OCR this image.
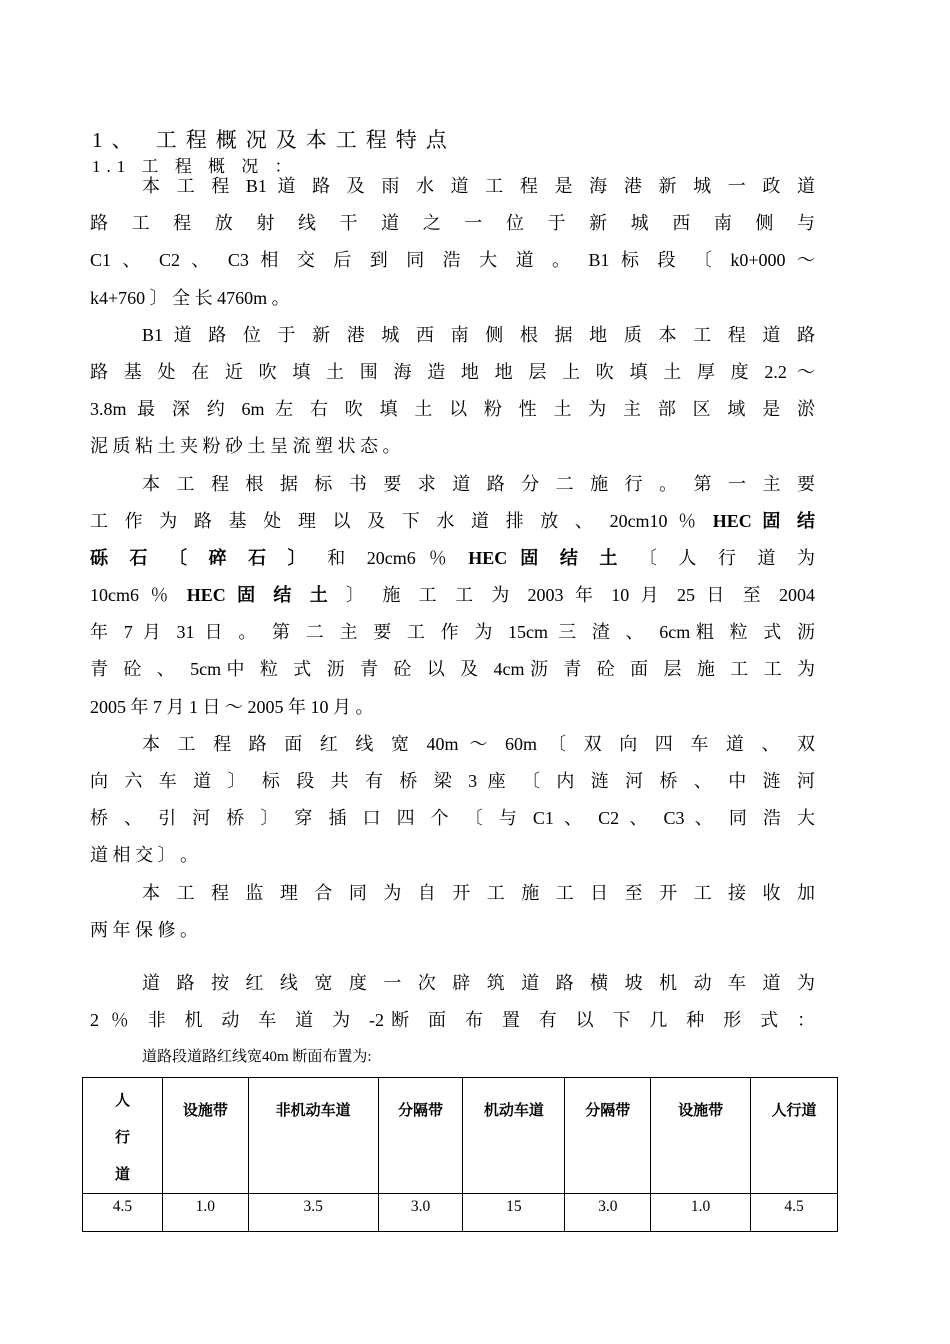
1、 工程概况及本工程特点
1.1 工 程 概 况 ：
本 工 程 B1 道 路 及 雨 水 道 工 程 是 海 港 新 城 一 政 道
路 工 程 放 射 线 干 道 之 一 位 于 新 城 西 南 侧 与
C1 、 C2 、 C3 相 交 后 到 同 浩 大 道 。 B1 标 段 〔 k0+000 ～
k4+760 〕 全 长 4760m 。
B1 道 路 位 于 新 港 城 西 南 侧 根 据 地 质 本 工 程 道 路
路 基 处 在 近 吹 填 土 围 海 造 地 地 层 上 吹 填 土 厚 度 2.2 ～
3.8m 最 深 约 6m 左 右 吹 填 土 以 粉 性 土 为 主 部 区 域 是 淤
泥 质 粘 土 夹 粉 砂 土 呈 流 塑 状 态 。
本 工 程 根 据 标 书 要 求 道 路 分 二 施 行 。 第 一 主 要
工 作 为 路 基 处 理 以 及 下 水 道 排 放 、 20cm10 ％ HEC 固 结
砾 石 〔 碎 石 〕 和 20cm6 ％ HEC 固 结 土 〔 人 行 道 为
10cm6 ％ HEC 固 结 土 〕 施 工 工 为 2003 年 10 月 25 日 至 2004
年 7 月 31 日 。 第 二 主 要 工 作 为 15cm 三 渣 、 6cm粗 粒 式 沥
青 砼 、 5cm中 粒 式 沥 青 砼 以 及 4cm沥 青 砼 面 层 施 工 工 为
2005 年 7 月 1 日 ～ 2005 年 10 月 。
本 工 程 路 面 红 线 宽 40m ～ 60m 〔 双 向 四 车 道 、 双
向 六 车 道 〕 标 段 共 有 桥 梁 3 座 〔 内 涟 河 桥 、 中 涟 河
桥 、 引 河 桥 〕 穿 插 口 四 个 〔 与 C1 、 C2 、 C3 、 同 浩 大
道 相 交 〕 。
本 工 程 监 理 合 同 为 自 开 工 施 工 日 至 开 工 接 收 加
两 年 保 修 。
道 路 按 红 线 宽 度 一 次 辟 筑 道 路 横 坡 机 动 车 道 为
2 ％ 非 机 动 车 道 为 -2断 面 布 置 有 以 下 几 种 形 式 ：
道路段道路红线宽40m 断面布置为:
人行道	设施带	非机动车道	分隔带	机动车道	分隔带	设施带	人行道
4.5	1.0	3.5	3.0	15	3.0	1.0	4.5
